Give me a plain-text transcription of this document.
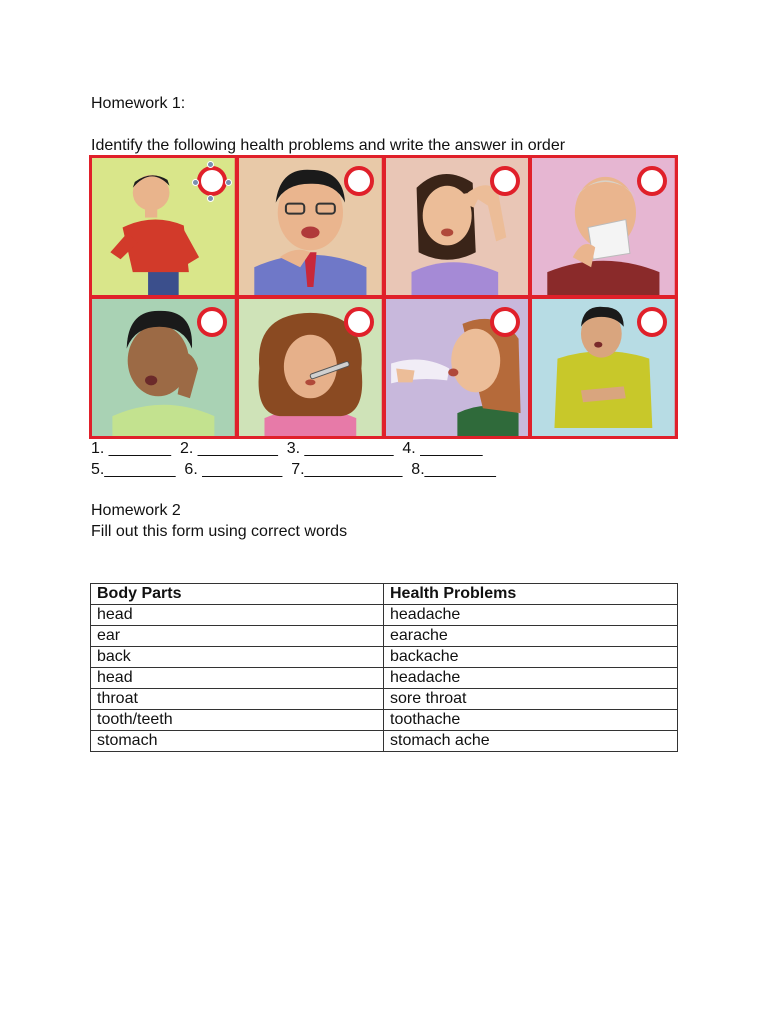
Homework 1:
Identify the following health problems and write the answer in order
1. _______  2. _________  3. __________  4. _______
5.________  6. _________  7.___________  8.________
Homework 2
Fill out this form using correct words
Body Parts	Health Problems
head	headache
ear	earache
back	backache
head	headache
throat	sore throat
tooth/teeth	toothache
stomach	stomach ache
